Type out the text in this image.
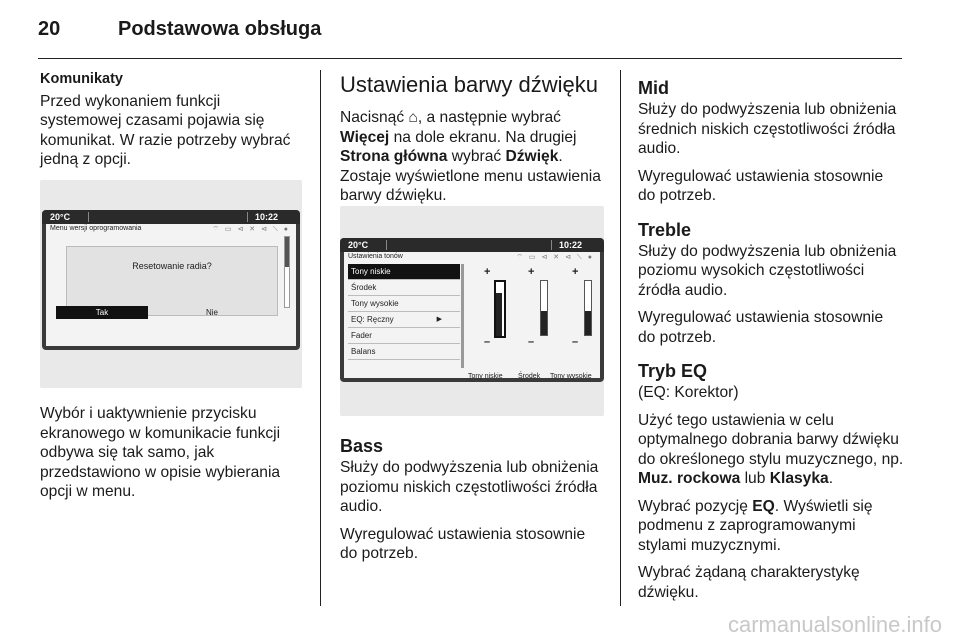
20	Podstawowa obsługa
Komunikaty

Przed wykonaniem funkcji systemowej czasami pojawia się komunikat. W razie potrzeby wybrać jedną z opcji.

20°C	10:22
Menu wersji oprogramowania	⌔ ▭ ⊲ ✕ ⊲ ⟍ ●
Resetowanie radia?
Tak	Nie

Wybór i uaktywnienie przycisku ekranowego w komunikacie funkcji odbywa się tak samo, jak przedstawiono w opisie wybierania opcji w menu.

Ustawienia barwy dźwięku

Nacisnąć ⌂, a następnie wybrać Więcej na dole ekranu. Na drugiej Strona główna wybrać Dźwięk. Zostaje wyświetlone menu ustawienia barwy dźwięku.

20°C	10:22
Ustawienia tonów	⌔ ▭ ⊲ ✕ ⊲ ⟍ ●
Tony niskie
Środek
Tony wysokie
EQ: Ręczny	▶
Fader
Balans
+
–
+
–
+
–
Tony niskie Środek Tony wysokie
Bass

Służy do podwyższenia lub obniżenia poziomu niskich częstotliwości źródła audio.

Wyregulować ustawienia stosownie do potrzeb.

Mid

Służy do podwyższenia lub obniżenia średnich niskich częstotliwości źródła audio.

Wyregulować ustawienia stosownie do potrzeb.

Treble

Służy do podwyższenia lub obniżenia poziomu wysokich częstotliwości źródła audio.

Wyregulować ustawienia stosownie do potrzeb.

Tryb EQ

(EQ: Korektor)

Użyć tego ustawienia w celu optymalnego dobrania barwy dźwięku do określonego stylu muzycznego, np. Muz. rockowa lub Klasyka.

Wybrać pozycję EQ. Wyświetli się podmenu z zaprogramowanymi stylami muzycznymi.

Wybrać żądaną charakterystykę dźwięku.

carmanualsonline.info
